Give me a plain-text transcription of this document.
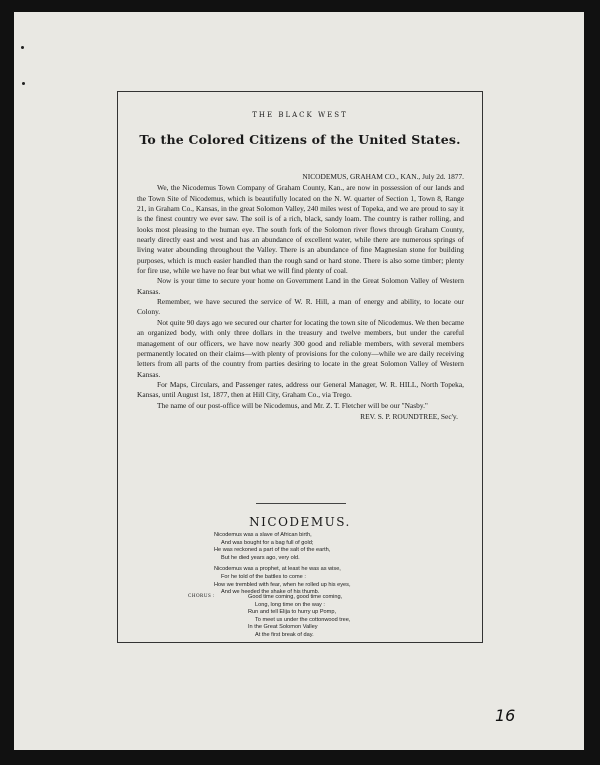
THE BLACK WEST
To the Colored Citizens of the United States.
NICODEMUS, GRAHAM CO., KAN., July 2d. 1877.

We, the Nicodemus Town Company of Graham County, Kan., are now in possession of our lands and the Town Site of Nicodemus, which is beautifully located on the N. W. quarter of Section 1, Town 8, Range 21, in Graham Co., Kansas, in the great Solomon Valley, 240 miles west of Topeka, and we are proud to say it is the finest country we ever saw. The soil is of a rich, black, sandy loam. The country is rather rolling, and looks most pleasing to the human eye. The south fork of the Solomon river flows through Graham County, nearly directly east and west and has an abundance of excellent water, while there are numerous springs of living water abounding throughout the Valley. There is an abundance of fine Magnesian stone for building purposes, which is much easier handled than the rough sand or hard stone. There is also some timber; plenty for fire use, while we have no fear but what we will find plenty of coal.

Now is your time to secure your home on Government Land in the Great Solomon Valley of Western Kansas.

Remember, we have secured the service of W. R. Hill, a man of energy and ability, to locate our Colony.

Not quite 90 days ago we secured our charter for locating the town site of Nicodemus. We then became an organized body, with only three dollars in the treasury and twelve members, but under the careful management of our officers, we have now nearly 300 good and reliable members, with several members permanently located on their claims—with plenty of provisions for the colony—while we are daily receiving letters from all parts of the country from parties desiring to locate in the great Solomon Valley of Western Kansas.

For Maps, Circulars, and Passenger rates, address our General Manager, W. R. HILL, North Topeka, Kansas, until August 1st, 1877, then at Hill City, Graham Co., via Trego.

The name of our post-office will be Nicodemus, and Mr. Z. T. Fletcher will be our "Nasby."

REV. S. P. ROUNDTREE, Sec'y.
NICODEMUS.
Nicodemus was a slave of African birth,
And was bought for a bag full of gold;
He was reckoned a part of the salt of the earth,
But he died years ago, very old.
Nicodemus was a prophet, at least he was as wise,
For he told of the battles to come :
How we trembled with fear, when he rolled up his eyes,
And we heeded the shake of his thumb.
CHORUS :	Good time coming, good time coming,
Long, long time on the way :
Run and tell Elija to hurry up Pomp,
To meet us under the cottonwood tree,
In the Great Solomon Valley
At the first break of day.
16
